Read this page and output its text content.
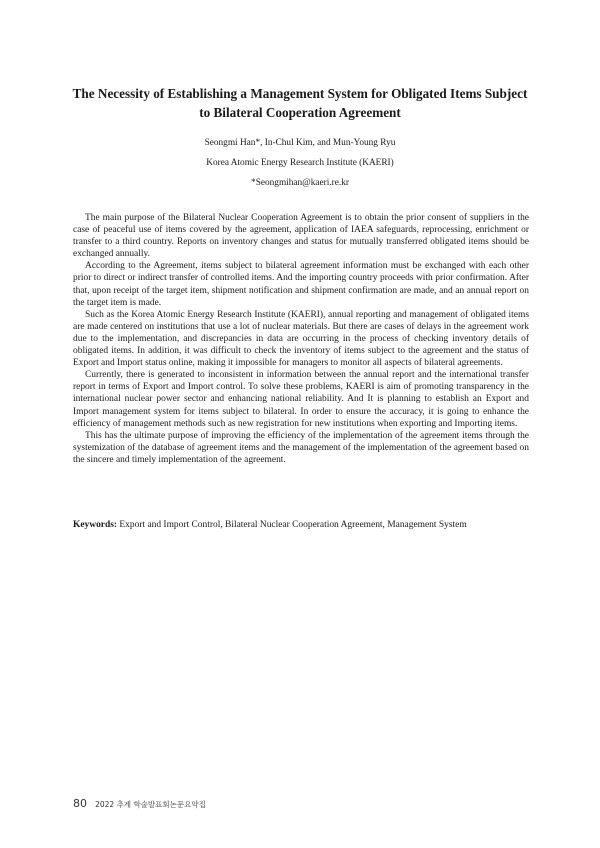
The Necessity of Establishing a Management System for Obligated Items Subject
to Bilateral Cooperation Agreement
Seongmi Han*, In-Chul Kim, and Mun-Young Ryu
Korea Atomic Energy Research Institute (KAERI)
*Seongmihan@kaeri.re.kr

The main purpose of the Bilateral Nuclear Cooperation Agreement is to obtain the prior consent of suppliers in the case of peaceful use of items covered by the agreement, application of IAEA safeguards, reprocessing, enrichment or transfer to a third country. Reports on inventory changes and status for mutually transferred obligated items should be exchanged annually.

According to the Agreement, items subject to bilateral agreement information must be exchanged with each other prior to direct or indirect transfer of controlled items. And the importing country proceeds with prior confirmation. After that, upon receipt of the target item, shipment notification and shipment confirmation are made, and an annual report on the target item is made.

Such as the Korea Atomic Energy Research Institute (KAERI), annual reporting and management of obligated items are made centered on institutions that use a lot of nuclear materials. But there are cases of delays in the agreement work due to the implementation, and discrepancies in data are occurring in the process of checking inventory details of obligated items. In addition, it was difficult to check the inventory of items subject to the agreement and the status of Export and Import status online, making it impossible for managers to monitor all aspects of bilateral agreements.

Currently, there is generated to inconsistent in information between the annual report and the international transfer report in terms of Export and Import control. To solve these problems, KAERI is aim of promoting transparency in the international nuclear power sector and enhancing national reliability. And It is planning to establish an Export and Import management system for items subject to bilateral. In order to ensure the accuracy, it is going to enhance the efficiency of management methods such as new registration for new institutions when exporting and Importing items.

This has the ultimate purpose of improving the efficiency of the implementation of the agreement items through the systemization of the database of agreement items and the management of the implementation of the agreement based on the sincere and timely implementation of the agreement.

Keywords: Export and Import Control, Bilateral Nuclear Cooperation Agreement, Management System
80 2022 추계 학술발표회논문요약집
